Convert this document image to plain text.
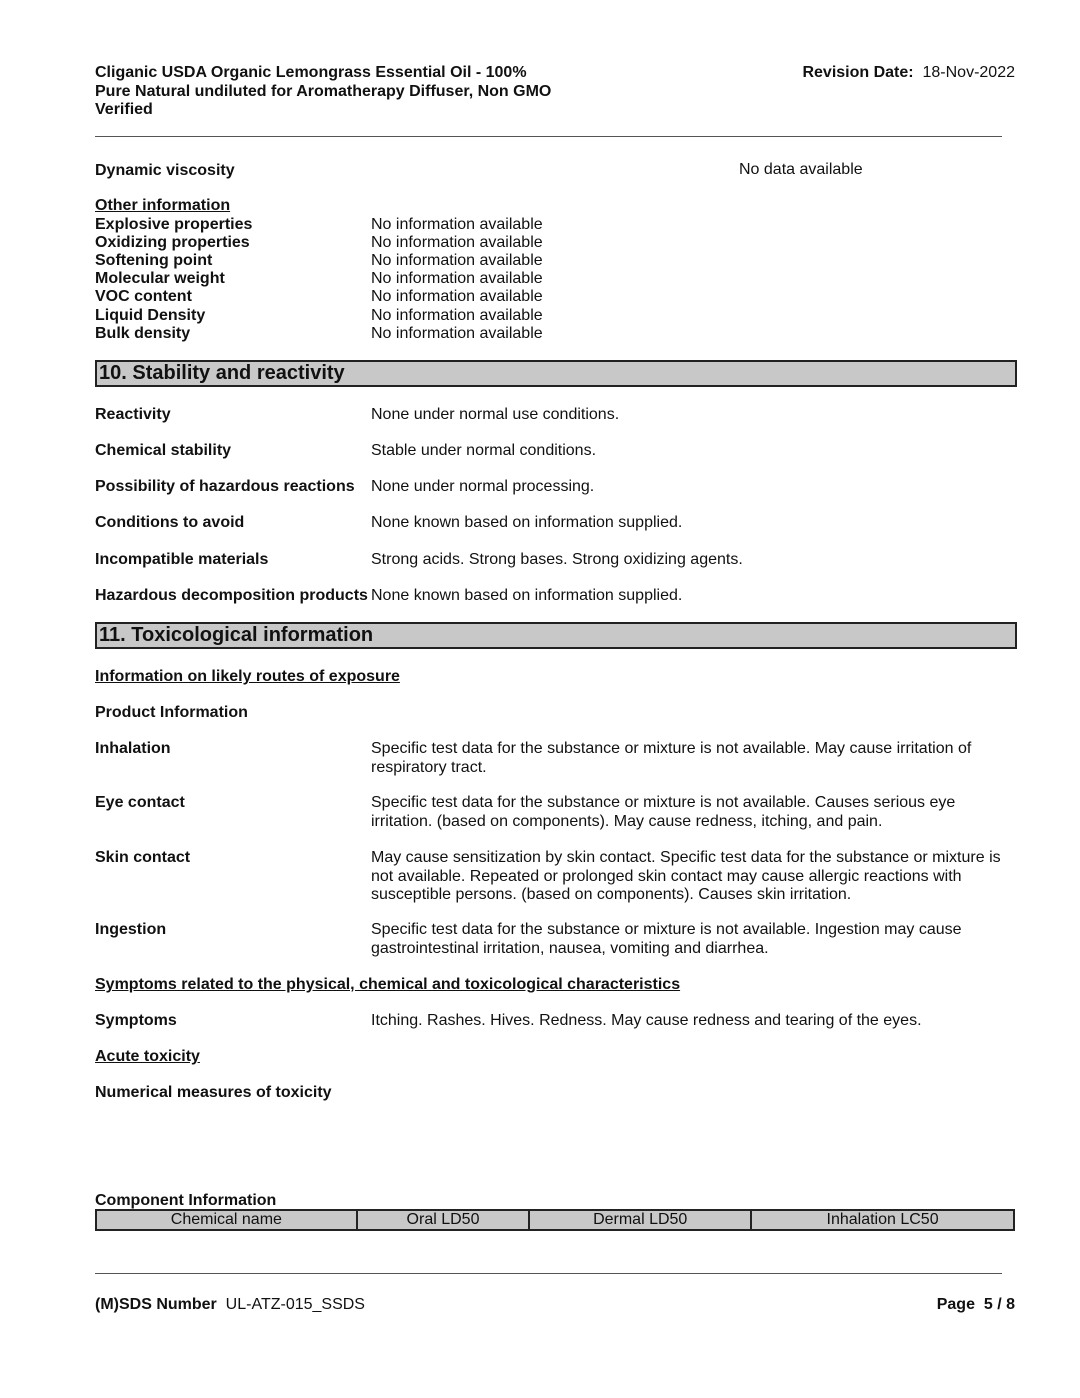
Cliganic USDA Organic Lemongrass Essential Oil - 100%
Pure Natural undiluted for Aromatherapy Diffuser, Non GMO
Verified
Revision Date: 18-Nov-2022
Dynamic viscosity	No data available
Other information
Explosive properties	No information available
Oxidizing properties	No information available
Softening point	No information available
Molecular weight	No information available
VOC content	No information available
Liquid Density	No information available
Bulk density	No information available
10. Stability and reactivity
Reactivity	None under normal use conditions.
Chemical stability	Stable under normal conditions.
Possibility of hazardous reactions None under normal processing.
Conditions to avoid	None known based on information supplied.
Incompatible materials	Strong acids. Strong bases. Strong oxidizing agents.
Hazardous decomposition products None known based on information supplied.
11. Toxicological information
Information on likely routes of exposure
Product Information
Inhalation	Specific test data for the substance or mixture is not available. May cause irritation of respiratory tract.
Eye contact	Specific test data for the substance or mixture is not available. Causes serious eye irritation. (based on components). May cause redness, itching, and pain.
Skin contact	May cause sensitization by skin contact. Specific test data for the substance or mixture is not available. Repeated or prolonged skin contact may cause allergic reactions with susceptible persons. (based on components). Causes skin irritation.
Ingestion	Specific test data for the substance or mixture is not available. Ingestion may cause gastrointestinal irritation, nausea, vomiting and diarrhea.
Symptoms related to the physical, chemical and toxicological characteristics
Symptoms	Itching. Rashes. Hives. Redness. May cause redness and tearing of the eyes.
Acute toxicity
Numerical measures of toxicity
Component Information
Chemical name	Oral LD50	Dermal LD50	Inhalation LC50
(M)SDS Number UL-ATZ-015_SSDS	Page 5 / 8
